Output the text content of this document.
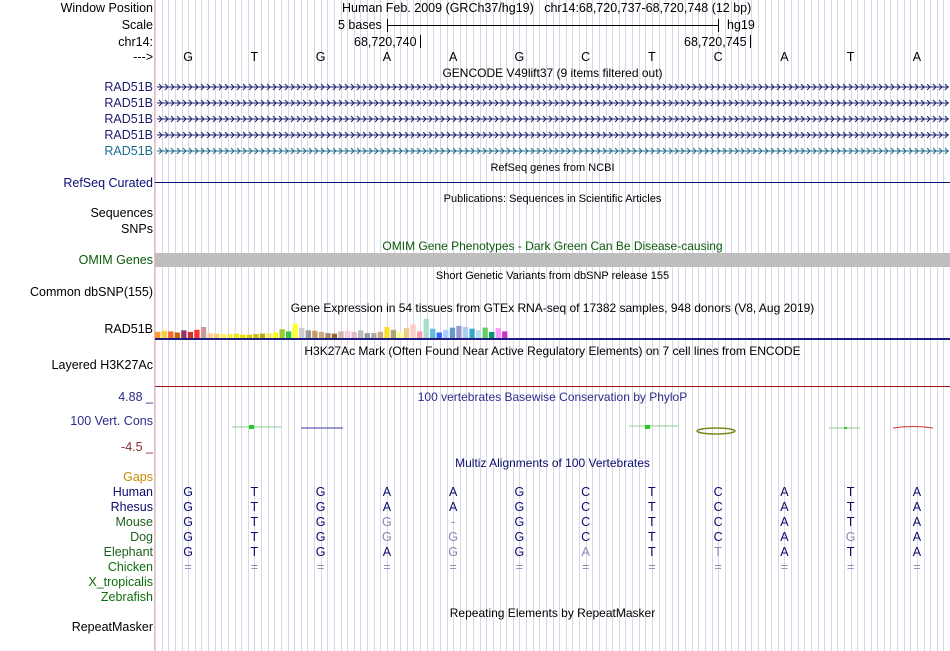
Window Position	Human Feb. 2009 (GRCh37/hg19)   chr14:68,720,737-68,720,748 (12 bp)
Scale	5 bases	hg19
chr14:	68,720,740	68,720,745
--->	G	T	G	A	A	G	C	T	C	A	T	A
GENCODE V49lift37 (9 items filtered out)
RAD51B
RAD51B
RAD51B
RAD51B
RAD51B
RefSeq genes from NCBI
RefSeq Curated
Publications: Sequences in Scientific Articles
Sequences
SNPs
OMIM Gene Phenotypes - Dark Green Can Be Disease-causing
OMIM Genes
Short Genetic Variants from dbSNP release 155
Common dbSNP(155)
Gene Expression in 54 tissues from GTEx RNA-seq of 17382 samples, 948 donors (V8, Aug 2019)
RAD51B
H3K27Ac Mark (Often Found Near Active Regulatory Elements) on 7 cell lines from ENCODE
Layered H3K27Ac
100 vertebrates Basewise Conservation by PhyloP
4.88 _
100 Vert. Cons
-4.5 _
Multiz Alignments of 100 Vertebrates
Gaps
Human	G	T	G	A	A	G	C	T	C	A	T	A
Rhesus	G	T	G	A	A	G	C	T	C	A	T	A
Mouse	G	T	G	G	-	G	C	T	C	A	T	A
Dog	G	T	G	G	G	G	C	T	C	A	G	A
Elephant	G	T	G	A	G	G	A	T	T	A	T	A
Chicken	=	=	=	=	=	=	=	=	=	=	=	=
X_tropicalis
Zebrafish
Repeating Elements by RepeatMasker
RepeatMasker
